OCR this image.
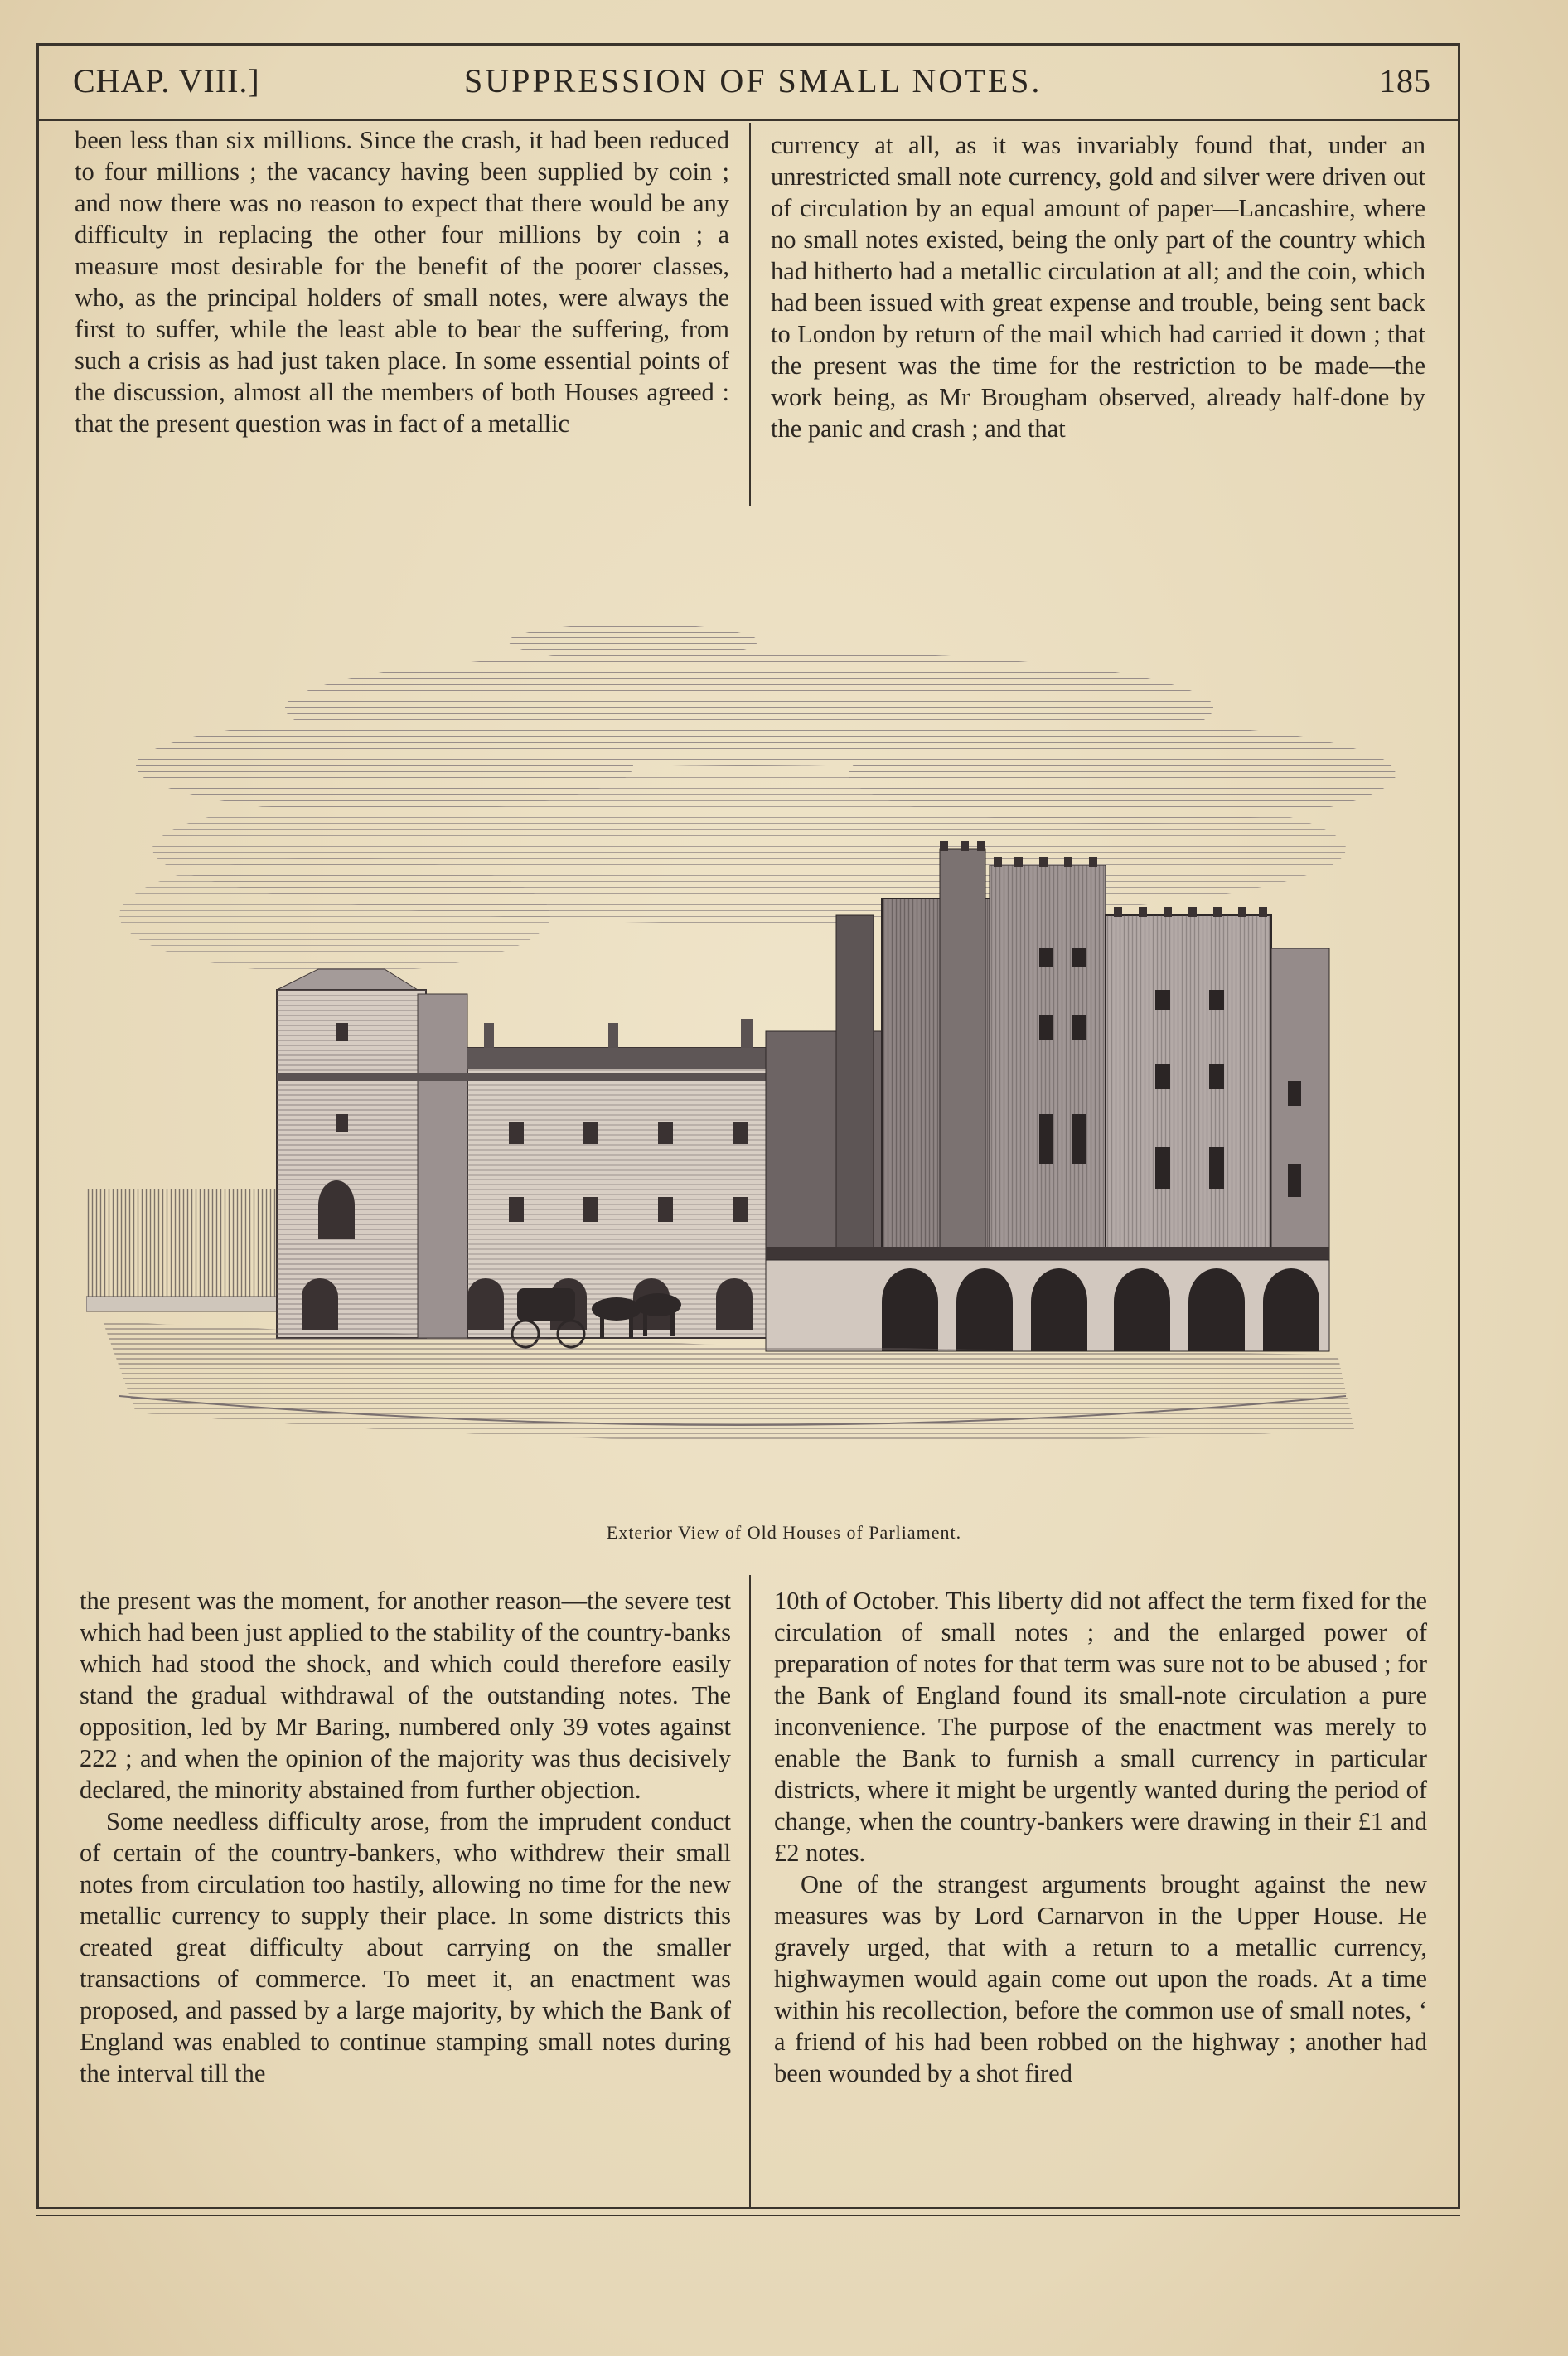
CHAP. VIII.]	SUPPRESSION OF SMALL NOTES.	185

been less than six millions. Since the crash, it had been reduced to four millions ; the vacancy having been supplied by coin ; and now there was no reason to expect that there would be any difficulty in replacing the other four millions by coin ; a measure most desirable for the benefit of the poorer classes, who, as the principal holders of small notes, were always the first to suffer, while the least able to bear the suffering, from such a crisis as had just taken place. In some essential points of the discussion, almost all the members of both Houses agreed : that the present question was in fact of a metallic

currency at all, as it was invariably found that, under an unrestricted small note currency, gold and silver were driven out of circulation by an equal amount of paper—Lancashire, where no small notes existed, being the only part of the country which had hitherto had a metallic circulation at all; and the coin, which had been issued with great expense and trouble, being sent back to London by return of the mail which had carried it down ; that the present was the time for the restriction to be made—the work being, as Mr Brougham observed, already half-done by the panic and crash ; and that

Exterior View of Old Houses of Parliament.

the present was the moment, for another reason—the severe test which had been just applied to the stability of the country-banks which had stood the shock, and which could therefore easily stand the gradual withdrawal of the outstanding notes. The opposition, led by Mr Baring, numbered only 39 votes against 222 ; and when the opinion of the majority was thus decisively declared, the minority abstained from further objection.

Some needless difficulty arose, from the imprudent conduct of certain of the country-bankers, who withdrew their small notes from circulation too hastily, allowing no time for the new metallic currency to supply their place. In some districts this created great difficulty about carrying on the smaller transactions of commerce. To meet it, an enactment was proposed, and passed by a large majority, by which the Bank of England was enabled to continue stamping small notes during the interval till the

10th of October. This liberty did not affect the term fixed for the circulation of small notes ; and the enlarged power of preparation of notes for that term was sure not to be abused ; for the Bank of England found its small-note circulation a pure inconvenience. The purpose of the enactment was merely to enable the Bank to furnish a small currency in particular districts, where it might be urgently wanted during the period of change, when the country-bankers were drawing in their £1 and £2 notes.

One of the strangest arguments brought against the new measures was by Lord Carnarvon in the Upper House. He gravely urged, that with a return to a metallic currency, highwaymen would again come out upon the roads. At a time within his recollection, before the common use of small notes, ‘ a friend of his had been robbed on the highway ; another had been wounded by a shot fired
